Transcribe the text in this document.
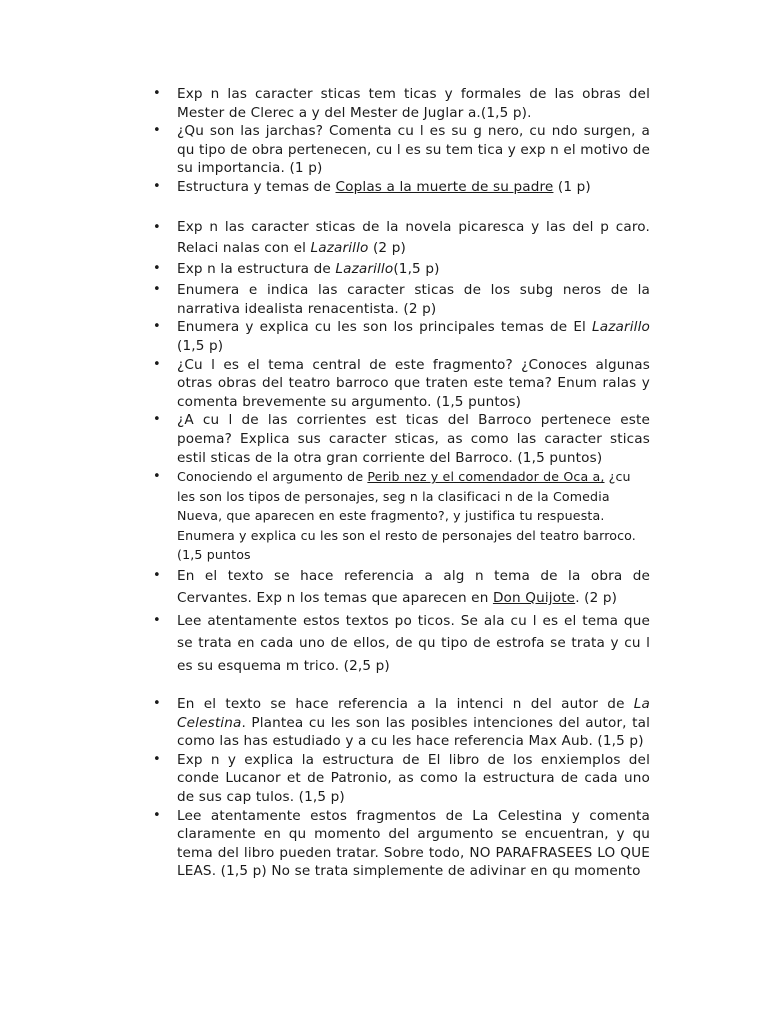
• Exp n las caracter sticas tem ticas y formales de las obras del Mester de Clerec a y del Mester de Juglar a.(1,5 p).
• ¿Qu son las jarchas? Comenta cu l es su g nero, cu ndo surgen, a qu tipo de obra pertenecen, cu l es su tem tica y exp n el motivo de su importancia. (1 p)
• Estructura y temas de Coplas a la muerte de su padre (1 p)
• Exp n las caracter sticas de la novela picaresca y las del p caro. Relaci nalas con el Lazarillo (2 p)
• Exp n la estructura de Lazarillo(1,5 p)
• Enumera e indica las caracter sticas de los subg neros de la narrativa idealista renacentista. (2 p)
• Enumera y explica cu les son los principales temas de El Lazarillo (1,5 p)
• ¿Cu l es el tema central de este fragmento? ¿Conoces algunas otras obras del teatro barroco que traten este tema? Enum ralas y comenta brevemente su argumento. (1,5 puntos)
• ¿A cu l de las corrientes est ticas del Barroco pertenece este poema? Explica sus caracter sticas, as como las caracter sticas estil sticas de la otra gran corriente del Barroco. (1,5 puntos)
• Conociendo el argumento de Perib nez y el comendador de Oca a, ¿cu les son los tipos de personajes, seg n la clasificaci n de la Comedia Nueva, que aparecen en este fragmento?, y justifica tu respuesta. Enumera y explica cu les son el resto de personajes del teatro barroco. (1,5 puntos
• En el texto se hace referencia a alg n tema de la obra de Cervantes. Exp n los temas que aparecen en Don Quijote. (2 p)
• Lee atentamente estos textos po ticos. Se ala cu l es el tema que se trata en cada uno de ellos, de qu tipo de estrofa se trata y cu l es su esquema m trico. (2,5 p)
• En el texto se hace referencia a la intenci n del autor de La Celestina. Plantea cu les son las posibles intenciones del autor, tal como las has estudiado y a cu les hace referencia Max Aub. (1,5 p)
• Exp n y explica la estructura de El libro de los enxiemplos del conde Lucanor et de Patronio, as como la estructura de cada uno de sus cap tulos. (1,5 p)
• Lee atentamente estos fragmentos de La Celestina y comenta claramente en qu momento del argumento se encuentran, y qu tema del libro pueden tratar. Sobre todo, NO PARAFRASEES LO QUE LEAS. (1,5 p) No se trata simplemente de adivinar en qu momento
